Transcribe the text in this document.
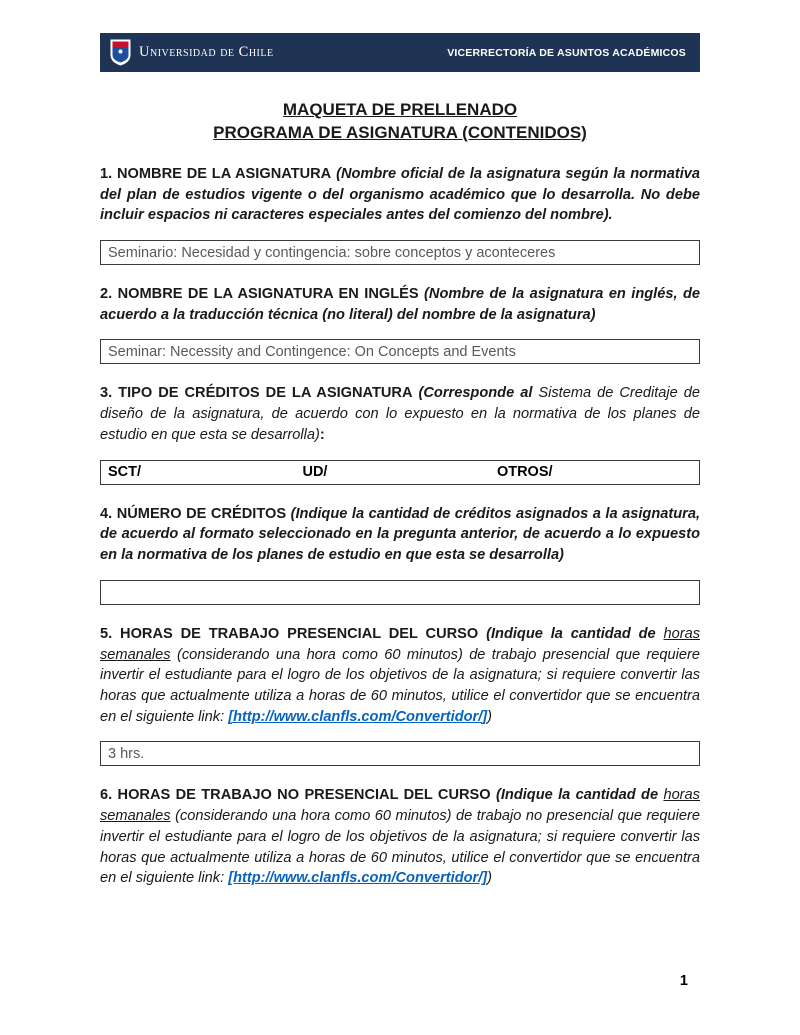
Universidad de Chile	VICERRECTORÍA DE ASUNTOS ACADÉMICOS
MAQUETA DE PRELLENADO
PROGRAMA DE ASIGNATURA (CONTENIDOS)

1. NOMBRE DE LA ASIGNATURA (Nombre oficial de la asignatura según la normativa del plan de estudios vigente o del organismo académico que lo desarrolla. No debe incluir espacios ni caracteres especiales antes del comienzo del nombre).

Seminario: Necesidad y contingencia: sobre conceptos y aconteceres

2. NOMBRE DE LA ASIGNATURA EN INGLÉS (Nombre de la asignatura en inglés, de acuerdo a la traducción técnica (no literal) del nombre de la asignatura)

Seminar: Necessity and Contingence: On Concepts and Events

3. TIPO DE CRÉDITOS DE LA ASIGNATURA (Corresponde al Sistema de Creditaje de diseño de la asignatura, de acuerdo con lo expuesto en la normativa de los planes de estudio en que esta se desarrolla):

SCT/	UD/	OTROS/

4. NÚMERO DE CRÉDITOS (Indique la cantidad de créditos asignados a la asignatura, de acuerdo al formato seleccionado en la pregunta anterior, de acuerdo a lo expuesto en la normativa de los planes de estudio en que esta se desarrolla)

5. HORAS DE TRABAJO PRESENCIAL DEL CURSO (Indique la cantidad de horas semanales (considerando una hora como 60 minutos) de trabajo presencial que requiere invertir el estudiante para el logro de los objetivos de la asignatura; si requiere convertir las horas que actualmente utiliza a horas de 60 minutos, utilice el convertidor que se encuentra en el siguiente link: [http://www.clanfls.com/Convertidor/])

3 hrs.

6. HORAS DE TRABAJO NO PRESENCIAL DEL CURSO (Indique la cantidad de horas semanales (considerando una hora como 60 minutos) de trabajo no presencial que requiere invertir el estudiante para el logro de los objetivos de la asignatura; si requiere convertir las horas que actualmente utiliza a horas de 60 minutos, utilice el convertidor que se encuentra en el siguiente link: [http://www.clanfls.com/Convertidor/])

1
